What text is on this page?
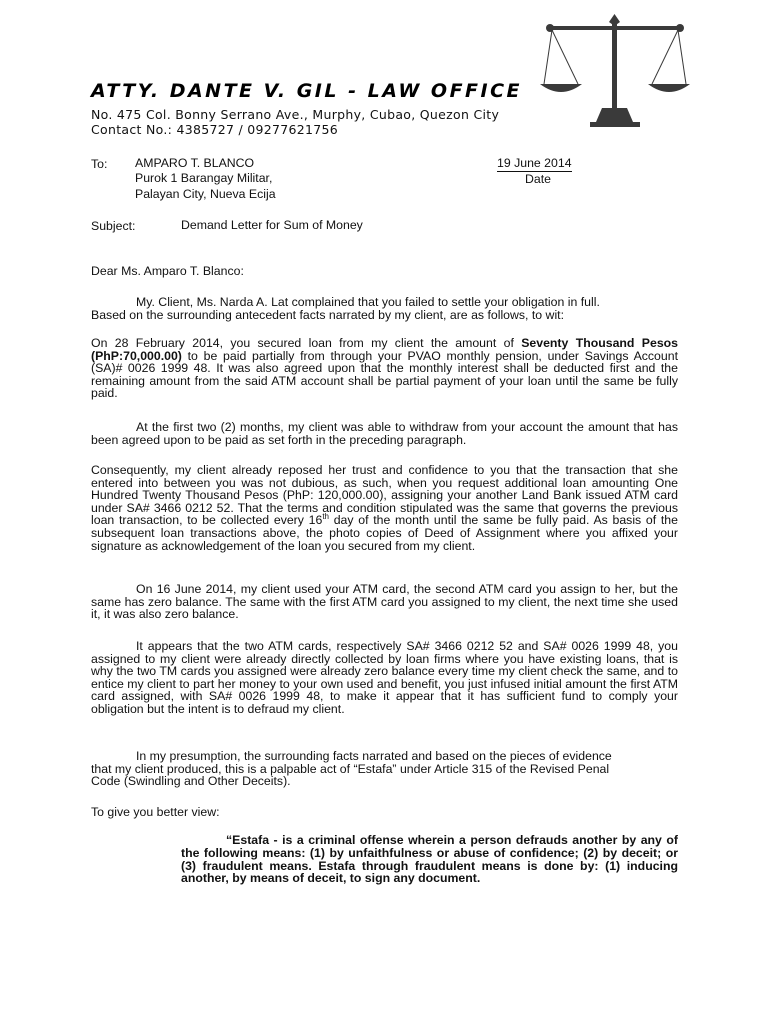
ATTY. DANTE V. GIL - LAW OFFICE
No. 475 Col. Bonny Serrano Ave., Murphy, Cubao, Quezon City
Contact No.: 4385727 / 09277621756
To: AMPARO T. BLANCO
Purok 1 Barangay Militar,
Palayan City, Nueva Ecija
19 June 2014
Date
Subject:	Demand Letter for Sum of Money
Dear Ms. Amparo T. Blanco:
My. Client, Ms. Narda A. Lat complained that you failed to settle your obligation in full.
Based on the surrounding antecedent facts narrated by my client, are as follows, to wit:
On 28 February 2014, you secured loan from my client the amount of Seventy Thousand Pesos (PhP:70,000.00) to be paid partially from through your PVAO monthly pension, under Savings Account (SA)# 0026 1999 48. It was also agreed upon that the monthly interest shall be deducted first and the remaining amount from the said ATM account shall be partial payment of your loan until the same be fully paid.
At the first two (2) months, my client was able to withdraw from your account the amount that has been agreed upon to be paid as set forth in the preceding paragraph.
Consequently, my client already reposed her trust and confidence to you that the transaction that she entered into between you was not dubious, as such, when you request additional loan amounting One Hundred Twenty Thousand Pesos (PhP: 120,000.00), assigning your another Land Bank issued ATM card under SA# 3466 0212 52. That the terms and condition stipulated was the same that governs the previous loan transaction, to be collected every 16th day of the month until the same be fully paid. As basis of the subsequent loan transactions above, the photo copies of Deed of Assignment where you affixed your signature as acknowledgement of the loan you secured from my client.
On 16 June 2014, my client used your ATM card, the second ATM card you assign to her, but the same has zero balance. The same with the first ATM card you assigned to my client, the next time she used it, it was also zero balance.
It appears that the two ATM cards, respectively SA# 3466 0212 52 and SA# 0026 1999 48, you assigned to my client were already directly collected by loan firms where you have existing loans, that is why the two TM cards you assigned were already zero balance every time my client check the same, and to entice my client to part her money to your own used and benefit, you just infused initial amount the first ATM card assigned, with SA# 0026 1999 48, to make it appear that it has sufficient fund to comply your obligation but the intent is to defraud my client.
In my presumption, the surrounding facts narrated and based on the pieces of evidence
that my client produced, this is a palpable act of “Estafa” under Article 315 of the Revised Penal
Code (Swindling and Other Deceits).
To give you better view:
“Estafa - is a criminal offense wherein a person defrauds another by any of the following means: (1) by unfaithfulness or abuse of confidence; (2) by deceit; or (3) fraudulent means. Estafa through fraudulent means is done by: (1) inducing another, by means of deceit, to sign any document.
